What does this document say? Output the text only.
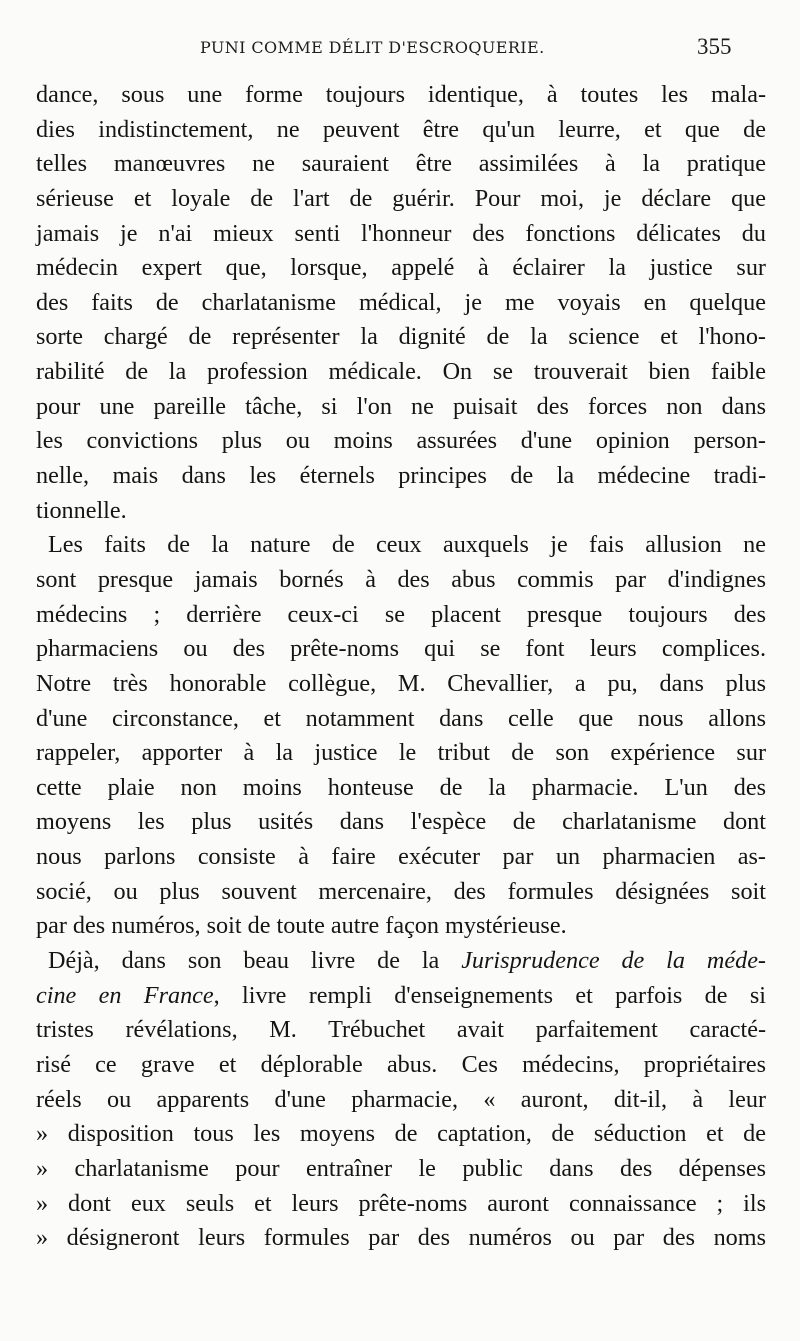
PUNI COMME DÉLIT D'ESCROQUERIE.	355
dance, sous une forme toujours identique, à toutes les mala-
dies indistinctement, ne peuvent être qu'un leurre, et que de
telles manœuvres ne sauraient être assimilées à la pratique
sérieuse et loyale de l'art de guérir. Pour moi, je déclare que
jamais je n'ai mieux senti l'honneur des fonctions délicates du
médecin expert que, lorsque, appelé à éclairer la justice sur
des faits de charlatanisme médical, je me voyais en quelque
sorte chargé de représenter la dignité de la science et l'hono-
rabilité de la profession médicale. On se trouverait bien faible
pour une pareille tâche, si l'on ne puisait des forces non dans
les convictions plus ou moins assurées d'une opinion person-
nelle, mais dans les éternels principes de la médecine tradi-
tionnelle.
Les faits de la nature de ceux auxquels je fais allusion ne
sont presque jamais bornés à des abus commis par d'indignes
médecins ; derrière ceux-ci se placent presque toujours des
pharmaciens ou des prête-noms qui se font leurs complices.
Notre très honorable collègue, M. Chevallier, a pu, dans plus
d'une circonstance, et notamment dans celle que nous allons
rappeler, apporter à la justice le tribut de son expérience sur
cette plaie non moins honteuse de la pharmacie. L'un des
moyens les plus usités dans l'espèce de charlatanisme dont
nous parlons consiste à faire exécuter par un pharmacien as-
socié, ou plus souvent mercenaire, des formules désignées soit
par des numéros, soit de toute autre façon mystérieuse.
Déjà, dans son beau livre de la Jurisprudence de la méde-
cine en France, livre rempli d'enseignements et parfois de si
tristes révélations, M. Trébuchet avait parfaitement caracté-
risé ce grave et déplorable abus. Ces médecins, propriétaires
réels ou apparents d'une pharmacie, « auront, dit-il, à leur
» disposition tous les moyens de captation, de séduction et de
» charlatanisme pour entraîner le public dans des dépenses
» dont eux seuls et leurs prête-noms auront connaissance ; ils
» désigneront leurs formules par des numéros ou par des noms
